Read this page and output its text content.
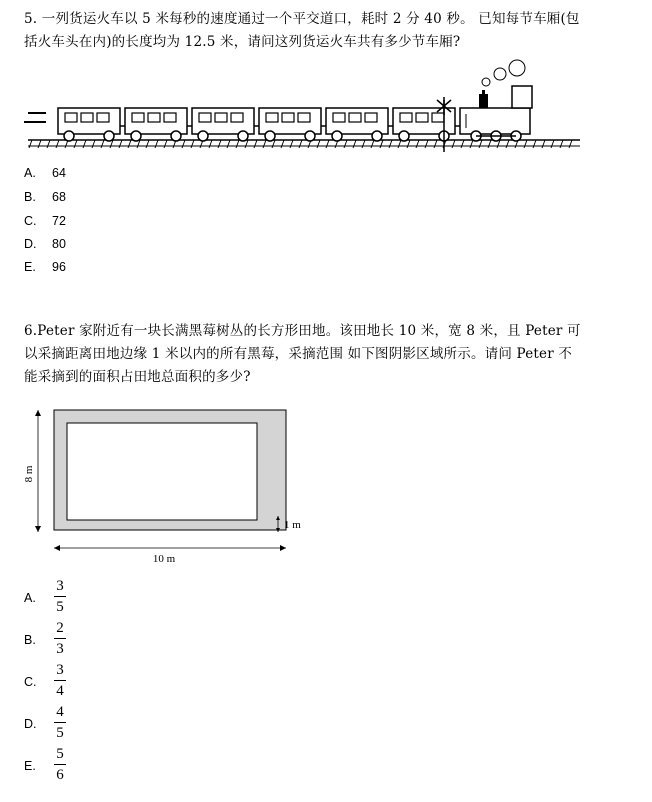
5. 一列货运火车以 5 米每秒的速度通过一个平交道口，耗时 2 分 40 秒。 已知每节车厢(包
括火车头在内)的长度均为 12.5 米，请问这列货运火车共有多少节车厢?
A. 64
B. 68
C. 72
D. 80
E. 96
6.Peter 家附近有一块长满黑莓树丛的长方形田地。该田地长 10 米，宽 8 米，且 Peter 可
以采摘距离田地边缘 1 米以内的所有黑莓，采摘范围 如下图阴影区域所示。请问 Peter 不
能采摘到的面积占田地总面积的多少?
8 m
10 m
1 m
A.
3
5
B.
2
3
C.
3
4
D.
4
5
E.
5
6
